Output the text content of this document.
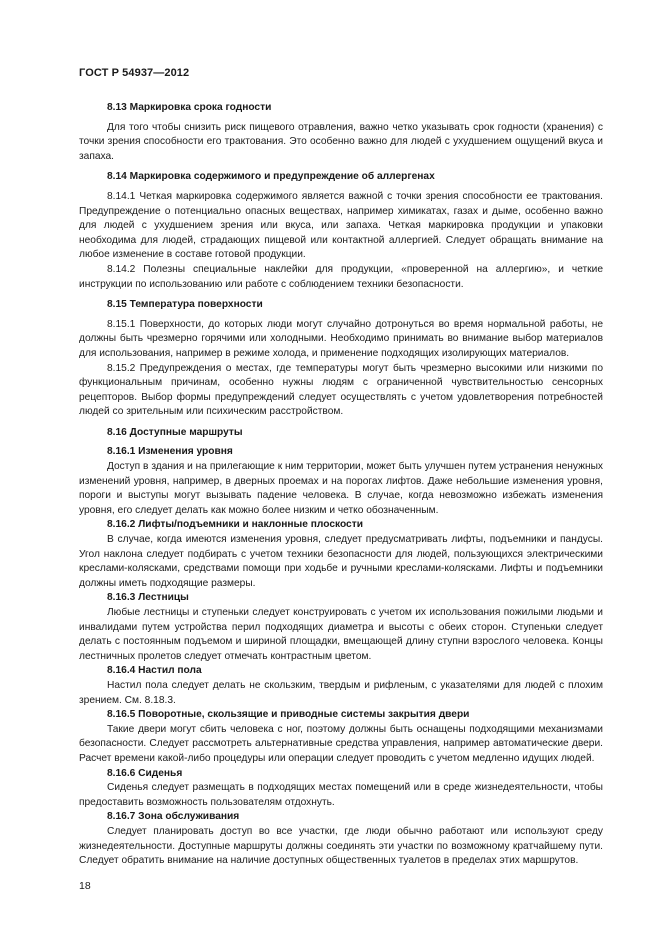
ГОСТ Р 54937—2012
8.13 Маркировка срока годности
Для того чтобы снизить риск пищевого отравления, важно четко указывать срок годности (хранения) с точки зрения способности его трактования. Это особенно важно для людей с ухудшением ощущений вкуса и запаха.
8.14 Маркировка содержимого и предупреждение об аллергенах
8.14.1 Четкая маркировка содержимого является важной с точки зрения способности ее трактования. Предупреждение о потенциально опасных веществах, например химикатах, газах и дыме, особенно важно для людей с ухудшением зрения или вкуса, или запаха. Четкая маркировка продукции и упаковки необходима для людей, страдающих пищевой или контактной аллергией. Следует обращать внимание на любое изменение в составе готовой продукции.
8.14.2 Полезны специальные наклейки для продукции, «проверенной на аллергию», и четкие инструкции по использованию или работе с соблюдением техники безопасности.
8.15 Температура поверхности
8.15.1 Поверхности, до которых люди могут случайно дотронуться во время нормальной работы, не должны быть чрезмерно горячими или холодными. Необходимо принимать во внимание выбор материалов для использования, например в режиме холода, и применение подходящих изолирующих материалов.
8.15.2 Предупреждения о местах, где температуры могут быть чрезмерно высокими или низкими по функциональным причинам, особенно нужны людям с ограниченной чувствительностью сенсорных рецепторов. Выбор формы предупреждений следует осуществлять с учетом удовлетворения потребностей людей со зрительным или психическим расстройством.
8.16 Доступные маршруты
8.16.1 Изменения уровня
Доступ в здания и на прилегающие к ним территории, может быть улучшен путем устранения ненужных изменений уровня, например, в дверных проемах и на порогах лифтов. Даже небольшие изменения уровня, пороги и выступы могут вызывать падение человека. В случае, когда невозможно избежать изменения уровня, его следует делать как можно более низким и четко обозначенным.
8.16.2 Лифты/подъемники и наклонные плоскости
В случае, когда имеются изменения уровня, следует предусматривать лифты, подъемники и пандусы. Угол наклона следует подбирать с учетом техники безопасности для людей, пользующихся электрическими креслами-колясками, средствами помощи при ходьбе и ручными креслами-колясками. Лифты и подъемники должны иметь подходящие размеры.
8.16.3 Лестницы
Любые лестницы и ступеньки следует конструировать с учетом их использования пожилыми людьми и инвалидами путем устройства перил подходящих диаметра и высоты с обеих сторон. Ступеньки следует делать с постоянным подъемом и шириной площадки, вмещающей длину ступни взрослого человека. Концы лестничных пролетов следует отмечать контрастным цветом.
8.16.4 Настил пола
Настил пола следует делать не скользким, твердым и рифленым, с указателями для людей с плохим зрением. См. 8.18.3.
8.16.5 Поворотные, скользящие и приводные системы закрытия двери
Такие двери могут сбить человека с ног, поэтому должны быть оснащены подходящими механизмами безопасности. Следует рассмотреть альтернативные средства управления, например автоматические двери. Расчет времени какой-либо процедуры или операции следует проводить с учетом медленно идущих людей.
8.16.6 Сиденья
Сиденья следует размещать в подходящих местах помещений или в среде жизнедеятельности, чтобы предоставить возможность пользователям отдохнуть.
8.16.7 Зона обслуживания
Следует планировать доступ во все участки, где люди обычно работают или используют среду жизнедеятельности. Доступные маршруты должны соединять эти участки по возможному кратчайшему пути. Следует обратить внимание на наличие доступных общественных туалетов в пределах этих маршрутов.
18
